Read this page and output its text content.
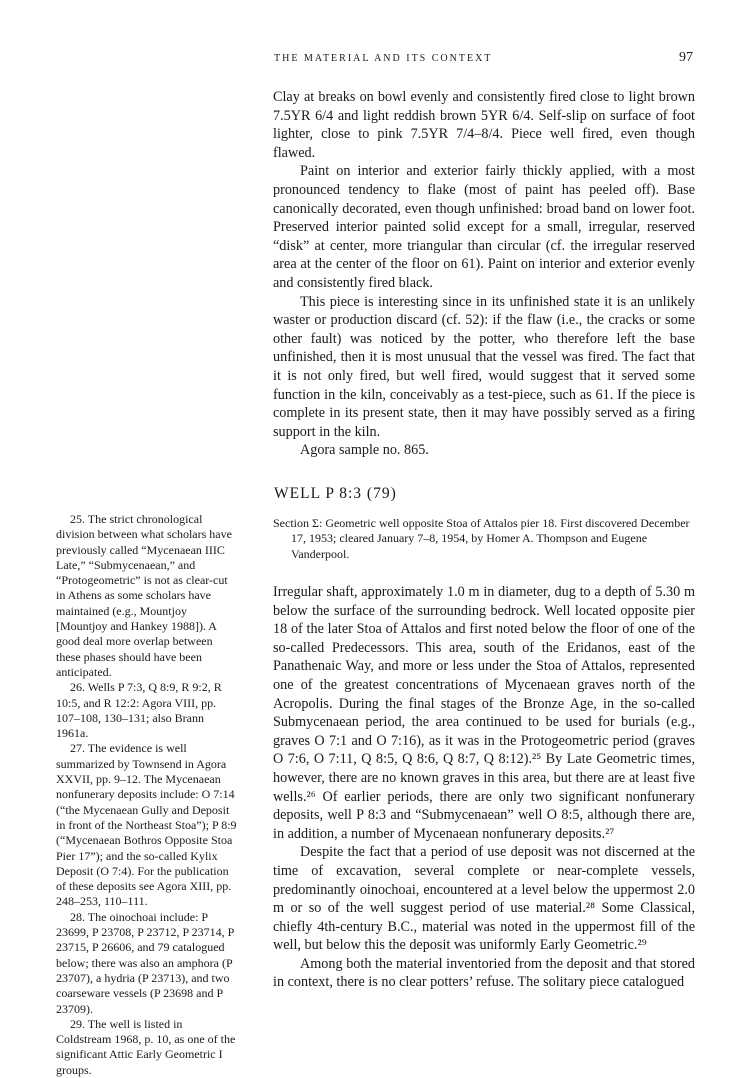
THE MATERIAL AND ITS CONTEXT	97

Clay at breaks on bowl evenly and consistently fired close to light brown 7.5YR 6/4 and light reddish brown 5YR 6/4. Self-slip on surface of foot lighter, close to pink 7.5YR 7/4–8/4. Piece well fired, even though flawed.

Paint on interior and exterior fairly thickly applied, with a most pronounced tendency to flake (most of paint has peeled off). Base canonically decorated, even though unfinished: broad band on lower foot. Preserved interior painted solid except for a small, irregular, reserved “disk” at center, more triangular than circular (cf. the irregular reserved area at the center of the floor on 61). Paint on interior and exterior evenly and consistently fired black.

This piece is interesting since in its unfinished state it is an unlikely waster or production discard (cf. 52): if the flaw (i.e., the cracks or some other fault) was noticed by the potter, who therefore left the base unfinished, then it is most unusual that the vessel was fired. The fact that it is not only fired, but well fired, would suggest that it served some function in the kiln, conceivably as a test-piece, such as 61. If the piece is complete in its present state, then it may have possibly served as a firing support in the kiln.

Agora sample no. 865.

WELL P 8:3 (79)

Section Σ: Geometric well opposite Stoa of Attalos pier 18. First discovered December 17, 1953; cleared January 7–8, 1954, by Homer A. Thompson and Eugene Vanderpool.

Irregular shaft, approximately 1.0 m in diameter, dug to a depth of 5.30 m below the surface of the surrounding bedrock. Well located opposite pier 18 of the later Stoa of Attalos and first noted below the floor of one of the so-called Predecessors. This area, south of the Eridanos, east of the Panathenaic Way, and more or less under the Stoa of Attalos, represented one of the greatest concentrations of Mycenaean graves north of the Acropolis. During the final stages of the Bronze Age, in the so-called Submycenaean period, the area continued to be used for burials (e.g., graves O 7:1 and O 7:16), as it was in the Protogeometric period (graves O 7:6, O 7:11, Q 8:5, Q 8:6, Q 8:7, Q 8:12).²⁵ By Late Geometric times, however, there are no known graves in this area, but there are at least five wells.²⁶ Of earlier periods, there are only two significant nonfunerary deposits, well P 8:3 and “Submycenaean” well O 8:5, although there are, in addition, a number of Mycenaean nonfunerary deposits.²⁷

Despite the fact that a period of use deposit was not discerned at the time of excavation, several complete or near-complete vessels, predominantly oinochoai, encountered at a level below the uppermost 2.0 m or so of the well suggest period of use material.²⁸ Some Classical, chiefly 4th-century B.C., material was noted in the uppermost fill of the well, but below this the deposit was uniformly Early Geometric.²⁹

Among both the material inventoried from the deposit and that stored in context, there is no clear potters’ refuse. The solitary piece catalogued

25. The strict chronological division between what scholars have previously called “Mycenaean IIIC Late,” “Submycenaean,” and “Protogeometric” is not as clear-cut in Athens as some scholars have maintained (e.g., Mountjoy [Mountjoy and Hankey 1988]). A good deal more overlap between these phases should have been anticipated.

26. Wells P 7:3, Q 8:9, R 9:2, R 10:5, and R 12:2: Agora VIII, pp. 107–108, 130–131; also Brann 1961a.

27. The evidence is well summarized by Townsend in Agora XXVII, pp. 9–12. The Mycenaean nonfunerary deposits include: O 7:14 (“the Mycenaean Gully and Deposit in front of the Northeast Stoa”); P 8:9 (“Mycenaean Bothros Opposite Stoa Pier 17”); and the so-called Kylix Deposit (O 7:4). For the publication of these deposits see Agora XIII, pp. 248–253, 110–111.

28. The oinochoai include: P 23699, P 23708, P 23712, P 23714, P 23715, P 26606, and 79 catalogued below; there was also an amphora (P 23707), a hydria (P 23713), and two coarseware vessels (P 23698 and P 23709).

29. The well is listed in Coldstream 1968, p. 10, as one of the significant Attic Early Geometric I groups.
